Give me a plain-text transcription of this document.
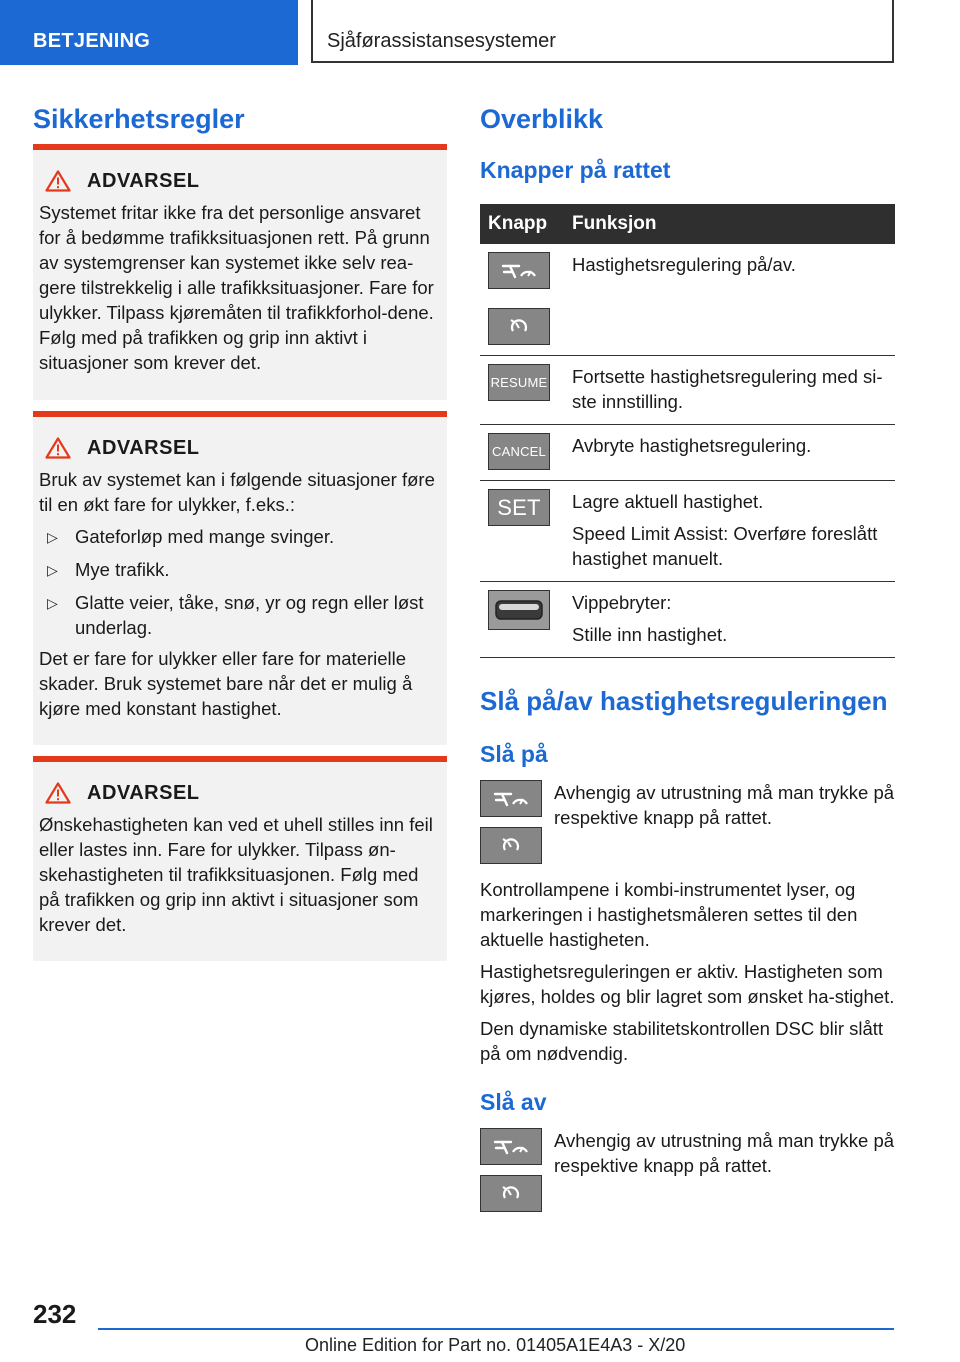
BETJENING	Sjåførassistansesystemer
Sikkerhetsregler
ADVARSEL
Systemet fritar ikke fra det personlige ansvaret for å bedømme trafikksituasjonen rett. På grunn av systemgrenser kan systemet ikke selv rea-gere tilstrekkelig i alle trafikksituasjoner. Fare for ulykker. Tilpass kjøremåten til trafikkforhol-dene. Følg med på trafikken og grip inn aktivt i situasjoner som krever det.
ADVARSEL
Bruk av systemet kan i følgende situasjoner føre til en økt fare for ulykker, f.eks.:
▷ Gateforløp med mange svinger.
▷ Mye trafikk.
▷ Glatte veier, tåke, snø, yr og regn eller løst underlag.
Det er fare for ulykker eller fare for materielle skader. Bruk systemet bare når det er mulig å kjøre med konstant hastighet.
ADVARSEL
Ønskehastigheten kan ved et uhell stilles inn feil eller lastes inn. Fare for ulykker. Tilpass øn-skehastigheten til trafikksituasjonen. Følg med på trafikken og grip inn aktivt i situasjoner som krever det.
Overblikk
Knapper på rattet
Knapp	Funksjon

Hastighetsregulering på/av.

RESUME	Fortsette hastighetsregulering med si-ste innstilling.

CANCEL	Avbryte hastighetsregulering.

SET	Lagre aktuell hastighet.

Speed Limit Assist: Overføre foreslått hastighet manuelt.

Vippebryter:

Stille inn hastighet.

Slå på/av hastighetsreguleringen
Slå på
Avhengig av utrustning må man trykke på respektive knapp på rattet.

Kontrollampene i kombi-instrumentet lyser, og markeringen i hastighetsmåleren settes til den aktuelle hastigheten.

Hastighetsreguleringen er aktiv. Hastigheten som kjøres, holdes og blir lagret som ønsket ha-stighet.

Den dynamiske stabilitetskontrollen DSC blir slått på om nødvendig.

Slå av
Avhengig av utrustning må man trykke på respektive knapp på rattet.
232
Online Edition for Part no. 01405A1E4A3 - X/20
